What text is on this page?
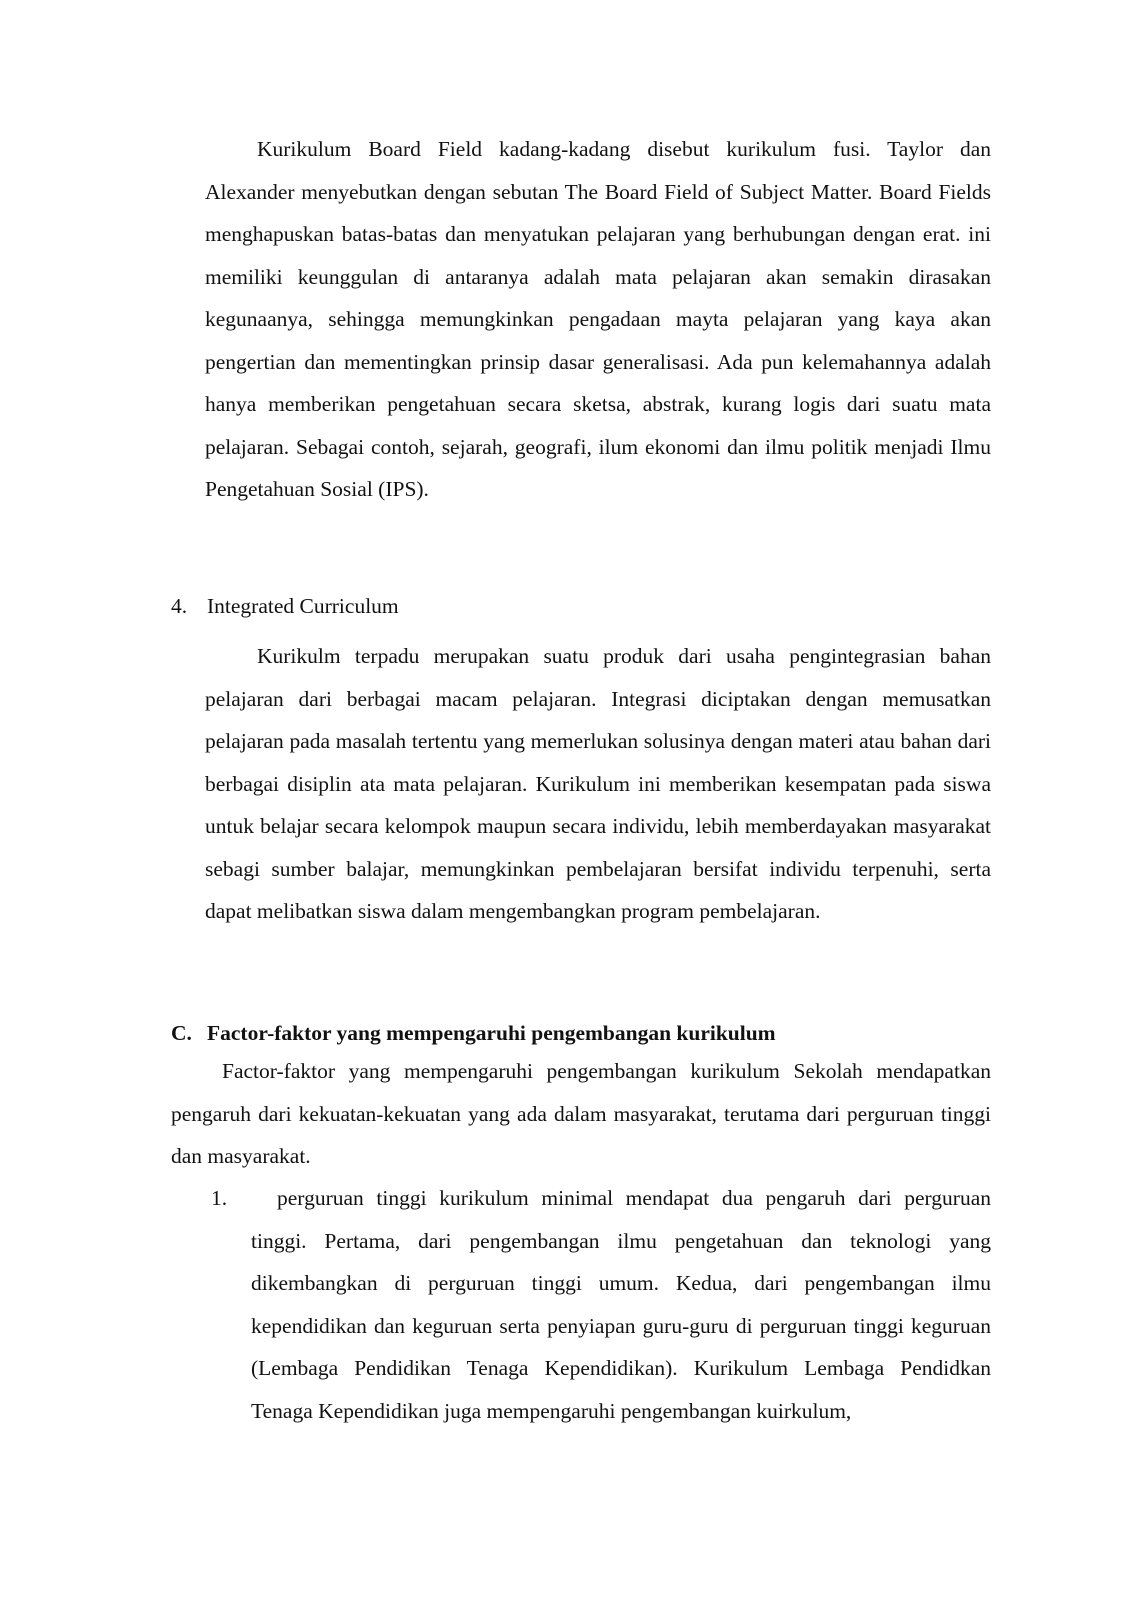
Kurikulum Board Field kadang-kadang disebut kurikulum fusi. Taylor dan Alexander menyebutkan dengan sebutan The Board Field of Subject Matter. Board Fields menghapuskan batas-batas dan menyatukan pelajaran yang berhubungan dengan erat. ini memiliki keunggulan di antaranya adalah mata pelajaran akan semakin dirasakan kegunaanya, sehingga memungkinkan pengadaan mayta pelajaran yang kaya akan pengertian dan mementingkan prinsip dasar generalisasi. Ada pun kelemahannya adalah hanya memberikan pengetahuan secara sketsa, abstrak, kurang logis dari suatu mata pelajaran. Sebagai contoh, sejarah, geografi, ilum ekonomi dan ilmu politik menjadi Ilmu Pengetahuan Sosial (IPS).

4. Integrated Curriculum

Kurikulm terpadu merupakan suatu produk dari usaha pengintegrasian bahan pelajaran dari berbagai macam pelajaran. Integrasi diciptakan dengan memusatkan pelajaran pada masalah tertentu yang memerlukan solusinya dengan materi atau bahan dari berbagai disiplin ata mata pelajaran. Kurikulum ini memberikan kesempatan pada siswa untuk belajar secara kelompok maupun secara individu, lebih memberdayakan masyarakat sebagi sumber balajar, memungkinkan pembelajaran bersifat individu terpenuhi, serta dapat melibatkan siswa dalam mengembangkan program pembelajaran.

C. Factor-faktor yang mempengaruhi pengembangan kurikulum

Factor-faktor yang mempengaruhi pengembangan kurikulum Sekolah mendapatkan pengaruh dari kekuatan-kekuatan yang ada dalam masyarakat, terutama dari perguruan tinggi dan masyarakat.

1. perguruan tinggi kurikulum minimal mendapat dua pengaruh dari perguruan tinggi. Pertama, dari pengembangan ilmu pengetahuan dan teknologi yang dikembangkan di perguruan tinggi umum. Kedua, dari pengembangan ilmu kependidikan dan keguruan serta penyiapan guru-guru di perguruan tinggi keguruan (Lembaga Pendidikan Tenaga Kependidikan). Kurikulum Lembaga Pendidkan Tenaga Kependidikan juga mempengaruhi pengembangan kuirkulum,
